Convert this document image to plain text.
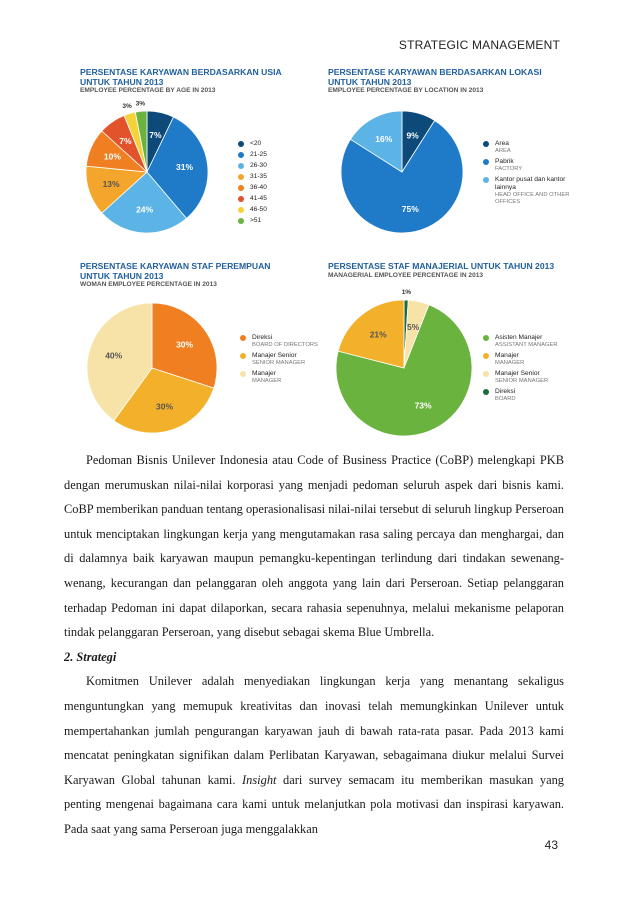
STRATEGIC MANAGEMENT
PERSENTASE KARYAWAN BERDASARKAN USIA
UNTUK TAHUN 2013
EMPLOYEE PERCENTAGE BY AGE IN 2013
7%
31%
24%
13%
10%
7%
3% 3%
<20
21-25
26-30
31-35
36-40
41-45
46-50
>51
PERSENTASE KARYAWAN BERDASARKAN LOKASI
UNTUK TAHUN 2013
EMPLOYEE PERCENTAGE BY LOCATION IN 2013
9%
75%
16%	Area
AREA
Pabrik
FACTORY
Kantor pusat dan kantor lainnya
HEAD OFFICE AND OTHER OFFICES
PERSENTASE KARYAWAN STAF PEREMPUAN
UNTUK TAHUN 2013
WOMAN EMPLOYEE PERCENTAGE IN 2013
30%
30%
40%
Direksi
BOARD OF DIRECTORS
Manajer Senior
SENIOR MANAGER
Manajer
MANAGER
PERSENTASE STAF MANAJERIAL UNTUK TAHUN 2013
MANAGERIAL EMPLOYEE PERCENTAGE IN 2013
1%
5%
73%
21%	Asisten Manajer
ASSISTANT MANAGER
Manajer
MANAGER
Manajer Senior
SENIOR MANAGER
Direksi
BOARD

Pedoman Bisnis Unilever Indonesia atau Code of Business Practice (CoBP) melengkapi PKB dengan merumuskan nilai-nilai korporasi yang menjadi pedoman seluruh aspek dari bisnis kami. CoBP memberikan panduan tentang operasionalisasi nilai-nilai tersebut di seluruh lingkup Perseroan untuk menciptakan lingkungan kerja yang mengutamakan rasa saling percaya dan menghargai, dan di dalamnya baik karyawan maupun pemangku-kepentingan terlindung dari tindakan sewenang-wenang, kecurangan dan pelanggaran oleh anggota yang lain dari Perseroan. Setiap pelanggaran terhadap Pedoman ini dapat dilaporkan, secara rahasia sepenuhnya, melalui mekanisme pelaporan tindak pelanggaran Perseroan, yang disebut sebagai skema Blue Umbrella.

2. Strategi

Komitmen Unilever adalah menyediakan lingkungan kerja yang menantang sekaligus menguntungkan yang memupuk kreativitas dan inovasi telah memungkinkan Unilever untuk mempertahankan jumlah pengurangan karyawan jauh di bawah rata-rata pasar. Pada 2013 kami mencatat peningkatan signifikan dalam Perlibatan Karyawan, sebagaimana diukur melalui Survei Karyawan Global tahunan kami. Insight dari survey semacam itu memberikan masukan yang penting mengenai bagaimana cara kami untuk melanjutkan pola motivasi dan inspirasi karyawan. Pada saat yang sama Perseroan juga menggalakkan

43
